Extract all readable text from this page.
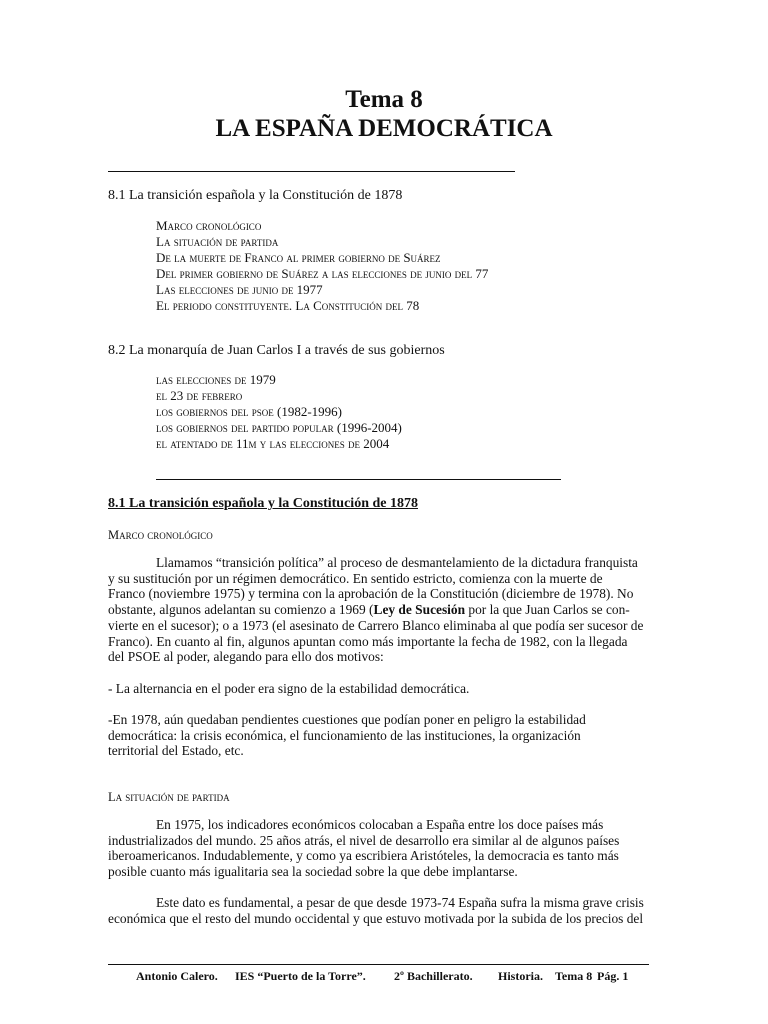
Tema 8
LA ESPAÑA DEMOCRÁTICA
8.1 La transición española y la Constitución de 1878
Marco cronológico
La situación de partida
De la muerte de Franco al primer gobierno de Suárez
Del primer gobierno de Suárez a las elecciones de junio del 77
Las elecciones de junio de 1977
El periodo constituyente. La Constitución del 78
8.2 La monarquía de Juan Carlos I a través de sus gobiernos
las elecciones de 1979
el 23 de febrero
los gobiernos del psoe (1982-1996)
los gobiernos del partido popular (1996-2004)
el atentado de 11m y las elecciones de 2004
8.1 La transición española y la Constitución de 1878
Marco cronológico
Llamamos “transición política” al proceso de desmantelamiento de la dictadura franquista
y su sustitución por un régimen democrático. En sentido estricto, comienza con la muerte de
Franco (noviembre 1975) y termina con la aprobación de la Constitución (diciembre de 1978). No
obstante, algunos adelantan su comienzo a 1969 (Ley de Sucesión por la que Juan Carlos se con-
vierte en el sucesor); o a 1973 (el asesinato de Carrero Blanco eliminaba al que podía ser sucesor de
Franco). En cuanto al fin, algunos apuntan como más importante la fecha de 1982, con la llegada
del PSOE al poder, alegando para ello dos motivos:
- La alternancia en el poder era signo de la estabilidad democrática.
-En 1978, aún quedaban pendientes cuestiones que podían poner en peligro la estabilidad
democrática: la crisis económica, el funcionamiento de las instituciones, la organización
territorial del Estado, etc.
La situación de partida
En 1975, los indicadores económicos colocaban a España entre los doce países más
industrializados del mundo. 25 años atrás, el nivel de desarrollo era similar al de algunos países
iberoamericanos. Indudablemente, y como ya escribiera Aristóteles, la democracia es tanto más
posible cuanto más igualitaria sea la sociedad sobre la que debe implantarse.
Este dato es fundamental, a pesar de que desde 1973-74 España sufra la misma grave crisis
económica que el resto del mundo occidental y que estuvo motivada por la subida de los precios del
Antonio Calero. IES “Puerto de la Torre”. 2º Bachillerato. Historia. Tema 8 Pág. 1
